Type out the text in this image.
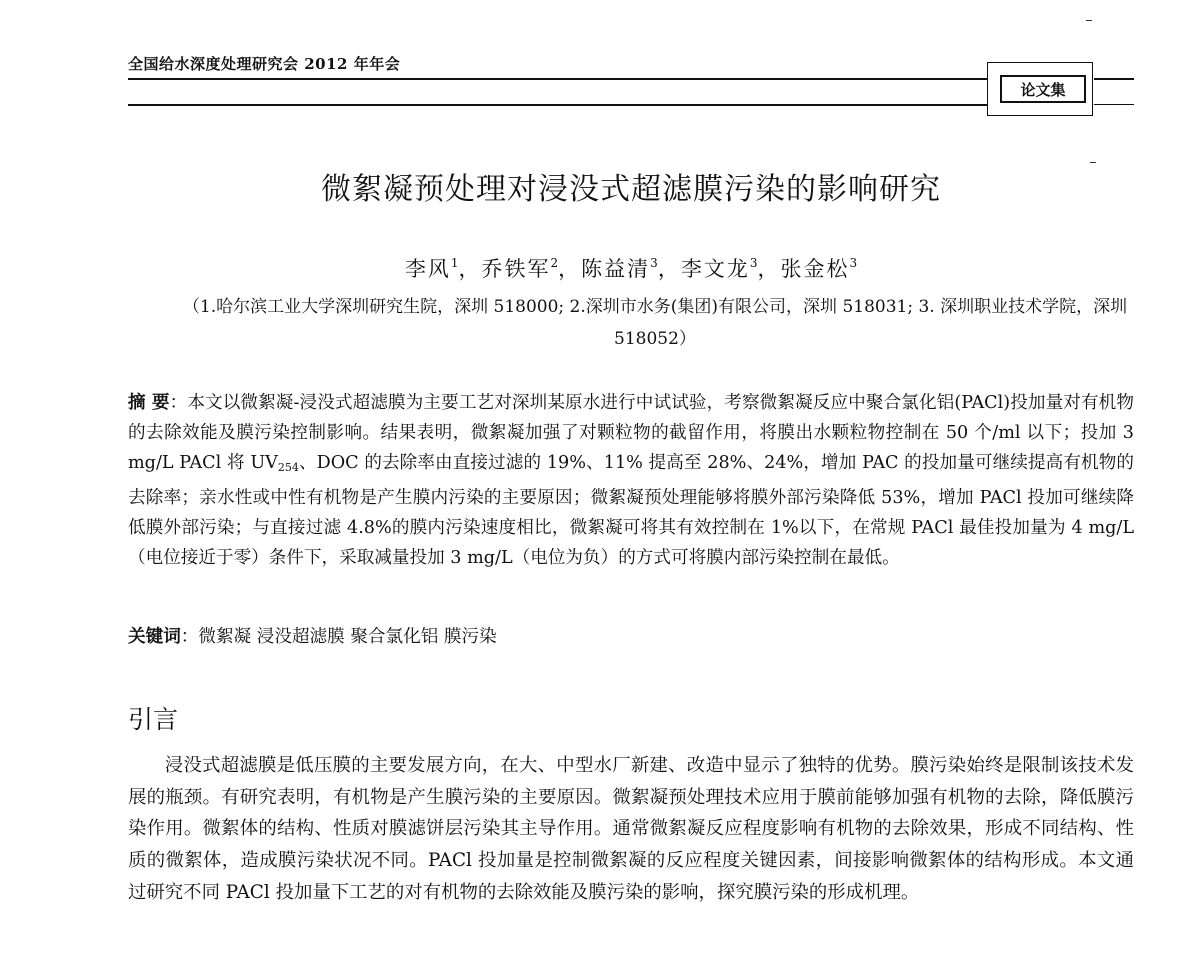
全国给水深度处理研究会 2012 年年会
论文集
微絮凝预处理对浸没式超滤膜污染的影响研究
李风$^1$，乔铁军$^2$，陈益清$^3$，李文龙$^3$，张金松$^3$
（1.哈尔滨工业大学深圳研究生院，深圳 518000; 2.深圳市水务(集团)有限公司，深圳 518031; 3. 深圳职业技术学院，深圳 518052）
摘 要：本文以微絮凝-浸没式超滤膜为主要工艺对深圳某原水进行中试试验，考察微絮凝反应中聚合氯化铝(PACl)投加量对有机物的去除效能及膜污染控制影响。结果表明，微絮凝加强了对颗粒物的截留作用，将膜出水颗粒物控制在 50 个/ml 以下；投加 3 mg/L PACl 将 $UV_{254}$、DOC 的去除率由直接过滤的 19%、11% 提高至 28%、24%，增加 PAC 的投加量可继续提高有机物的去除率；亲水性或中性有机物是产生膜内污染的主要原因；微絮凝预处理能够将膜外部污染降低 53%，增加 PACl 投加可继续降低膜外部污染；与直接过滤 4.8%的膜内污染速度相比，微絮凝可将其有效控制在 1%以下，在常规 PACl 最佳投加量为 4 mg/L（电位接近于零）条件下，采取减量投加 3 mg/L（电位为负）的方式可将膜内部污染控制在最低。
关键词：微絮凝 浸没超滤膜 聚合氯化铝 膜污染
引言
浸没式超滤膜是低压膜的主要发展方向，在大、中型水厂新建、改造中显示了独特的优势。膜污染始终是限制该技术发展的瓶颈。有研究表明，有机物是产生膜污染的主要原因。微絮凝预处理技术应用于膜前能够加强有机物的去除，降低膜污染作用。微絮体的结构、性质对膜滤饼层污染其主导作用。通常微絮凝反应程度影响有机物的去除效果，形成不同结构、性质的微絮体，造成膜污染状况不同。PACl 投加量是控制微絮凝的反应程度关键因素，间接影响微絮体的结构形成。本文通过研究不同 PACl 投加量下工艺的对有机物的去除效能及膜污染的影响，探究膜污染的形成机理。
